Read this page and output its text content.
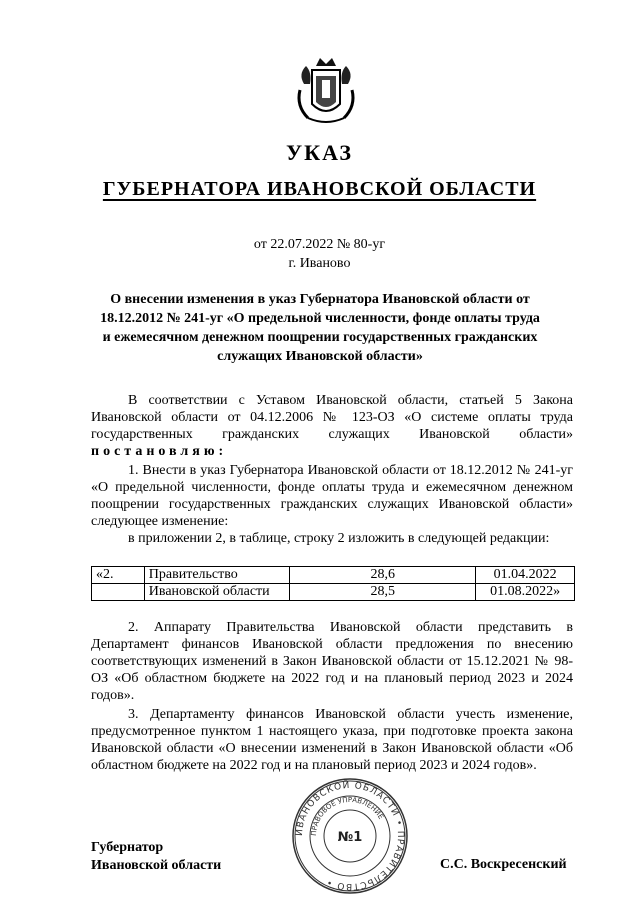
УКАЗ
ГУБЕРНАТОРА ИВАНОВСКОЙ ОБЛАСТИ
от 22.07.2022 № 80-уг
г. Иваново
О внесении изменения в указ Губернатора Ивановской области от 18.12.2012 № 241-уг «О предельной численности, фонде оплаты труда и ежемесячном денежном поощрении государственных гражданских служащих Ивановской области»
В соответствии с Уставом Ивановской области, статьей 5 Закона Ивановской области от 04.12.2006 № 123-ОЗ «О системе оплаты труда государственных гражданских служащих Ивановской области»
постановляю:
1. Внести в указ Губернатора Ивановской области от 18.12.2012 № 241-уг «О предельной численности, фонде оплаты труда и ежемесячном денежном поощрении государственных гражданских служащих Ивановской области» следующее изменение:
в приложении 2, в таблице, строку 2 изложить в следующей редакции:
«2.	Правительство	28,6	01.04.2022
	Ивановской области	28,5	01.08.2022»
2. Аппарату Правительства Ивановской области представить в Департамент финансов Ивановской области предложения по внесению соответствующих изменений в Закон Ивановской области от 15.12.2021 № 98-ОЗ «Об областном бюджете на 2022 год и на плановый период 2023 и 2024 годов».
3. Департаменту финансов Ивановской области учесть изменение, предусмотренное пунктом 1 настоящего указа, при подготовке проекта закона Ивановской области «О внесении изменений в Закон Ивановской области «Об областном бюджете на 2022 год и на плановый период 2023 и 2024 годов».
Губернатор
Ивановской области
ИВАНОВСКОЙ ОБЛАСТИ • ПРАВИТЕЛЬСТВО •
ПРАВОВОЕ УПРАВЛЕНИЕ
№1
С.С. Воскресенский
